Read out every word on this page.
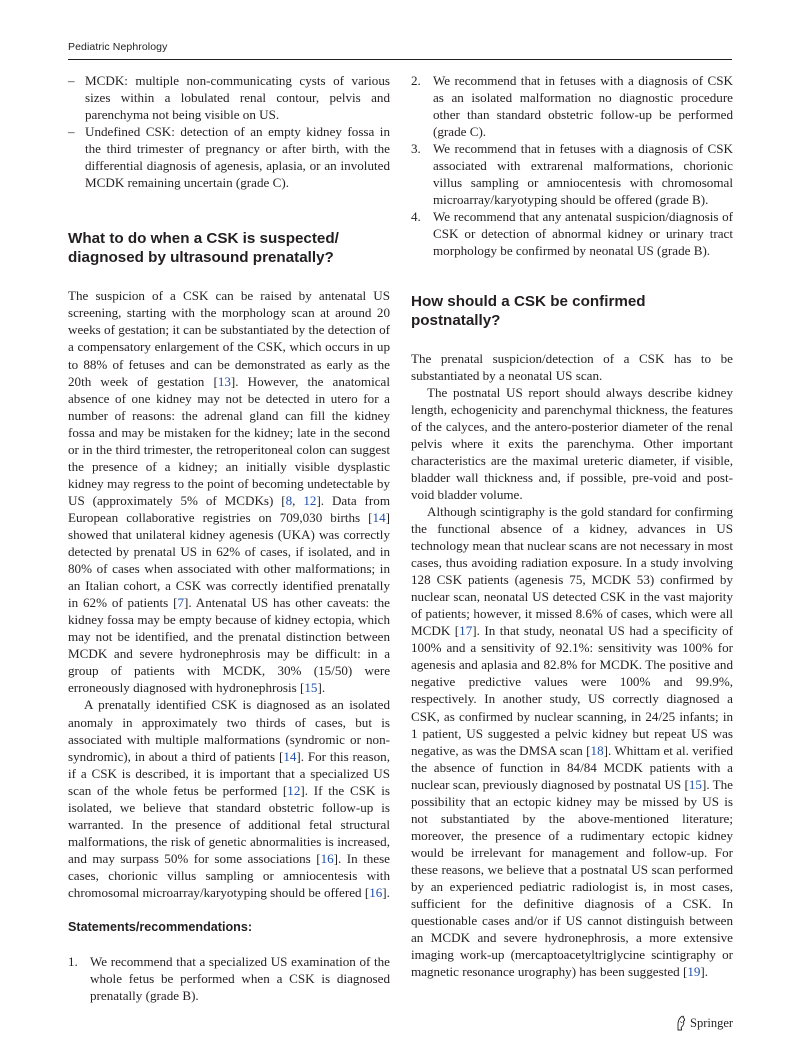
Pediatric Nephrology
– MCDK: multiple non-communicating cysts of various sizes within a lobulated renal contour, pelvis and parenchyma not being visible on US.
– Undefined CSK: detection of an empty kidney fossa in the third trimester of pregnancy or after birth, with the differential diagnosis of agenesis, aplasia, or an involuted MCDK remaining uncertain (grade C).
What to do when a CSK is suspected/ diagnosed by ultrasound prenatally?

The suspicion of a CSK can be raised by antenatal US screening, starting with the morphology scan at around 20 weeks of gestation; it can be substantiated by the detection of a compensatory enlargement of the CSK, which occurs in up to 88% of fetuses and can be demonstrated as early as the 20th week of gestation [13]. However, the anatomical absence of one kidney may not be detected in utero for a number of reasons: the adrenal gland can fill the kidney fossa and may be mistaken for the kidney; late in the second or in the third trimester, the retroperitoneal colon can suggest the presence of a kidney; an initially visible dysplastic kidney may regress to the point of becoming undetectable by US (approximately 5% of MCDKs) [8, 12]. Data from European collaborative registries on 709,030 births [14] showed that unilateral kidney agenesis (UKA) was correctly detected by prenatal US in 62% of cases, if isolated, and in 80% of cases when associated with other malformations; in an Italian cohort, a CSK was correctly identified prenatally in 62% of patients [7]. Antenatal US has other caveats: the kidney fossa may be empty because of kidney ectopia, which may not be identified, and the prenatal distinction between MCDK and severe hydronephrosis may be difficult: in a group of patients with MCDK, 30% (15/50) were erroneously diagnosed with hydronephrosis [15].

A prenatally identified CSK is diagnosed as an isolated anomaly in approximately two thirds of cases, but is associated with multiple malformations (syndromic or non-syndromic), in about a third of patients [14]. For this reason, if a CSK is described, it is important that a specialized US scan of the whole fetus be performed [12]. If the CSK is isolated, we believe that standard obstetric follow-up is warranted. In the presence of additional fetal structural malformations, the risk of genetic abnormalities is increased, and may surpass 50% for some associations [16]. In these cases, chorionic villus sampling or amniocentesis with chromosomal microarray/karyotyping should be offered [16].

Statements/recommendations:
1. We recommend that a specialized US examination of the whole fetus be performed when a CSK is diagnosed prenatally (grade B).
2. We recommend that in fetuses with a diagnosis of CSK as an isolated malformation no diagnostic procedure other than standard obstetric follow-up be performed (grade C).
3. We recommend that in fetuses with a diagnosis of CSK associated with extrarenal malformations, chorionic villus sampling or amniocentesis with chromosomal microarray/karyotyping should be offered (grade B).
4. We recommend that any antenatal suspicion/diagnosis of CSK or detection of abnormal kidney or urinary tract morphology be confirmed by neonatal US (grade B).
How should a CSK be confirmed postnatally?

The prenatal suspicion/detection of a CSK has to be substantiated by a neonatal US scan.

The postnatal US report should always describe kidney length, echogenicity and parenchymal thickness, the features of the calyces, and the antero-posterior diameter of the renal pelvis where it exits the parenchyma. Other important characteristics are the maximal ureteric diameter, if visible, bladder wall thickness and, if possible, pre-void and post-void bladder volume.

Although scintigraphy is the gold standard for confirming the functional absence of a kidney, advances in US technology mean that nuclear scans are not necessary in most cases, thus avoiding radiation exposure. In a study involving 128 CSK patients (agenesis 75, MCDK 53) confirmed by nuclear scan, neonatal US detected CSK in the vast majority of patients; however, it missed 8.6% of cases, which were all MCDK [17]. In that study, neonatal US had a specificity of 100% and a sensitivity of 92.1%: sensitivity was 100% for agenesis and aplasia and 82.8% for MCDK. The positive and negative predictive values were 100% and 99.9%, respectively. In another study, US correctly diagnosed a CSK, as confirmed by nuclear scanning, in 24/25 infants; in 1 patient, US suggested a pelvic kidney but repeat US was negative, as was the DMSA scan [18]. Whittam et al. verified the absence of function in 84/84 MCDK patients with a nuclear scan, previously diagnosed by postnatal US [15]. The possibility that an ectopic kidney may be missed by US is not substantiated by the above-mentioned literature; moreover, the presence of a rudimentary ectopic kidney would be irrelevant for management and follow-up. For these reasons, we believe that a postnatal US scan performed by an experienced pediatric radiologist is, in most cases, sufficient for the definitive diagnosis of a CSK. In questionable cases and/or if US cannot distinguish between an MCDK and severe hydronephrosis, a more extensive imaging work-up (mercaptoacetyltriglycine scintigraphy or magnetic resonance urography) has been suggested [19].

Springer
